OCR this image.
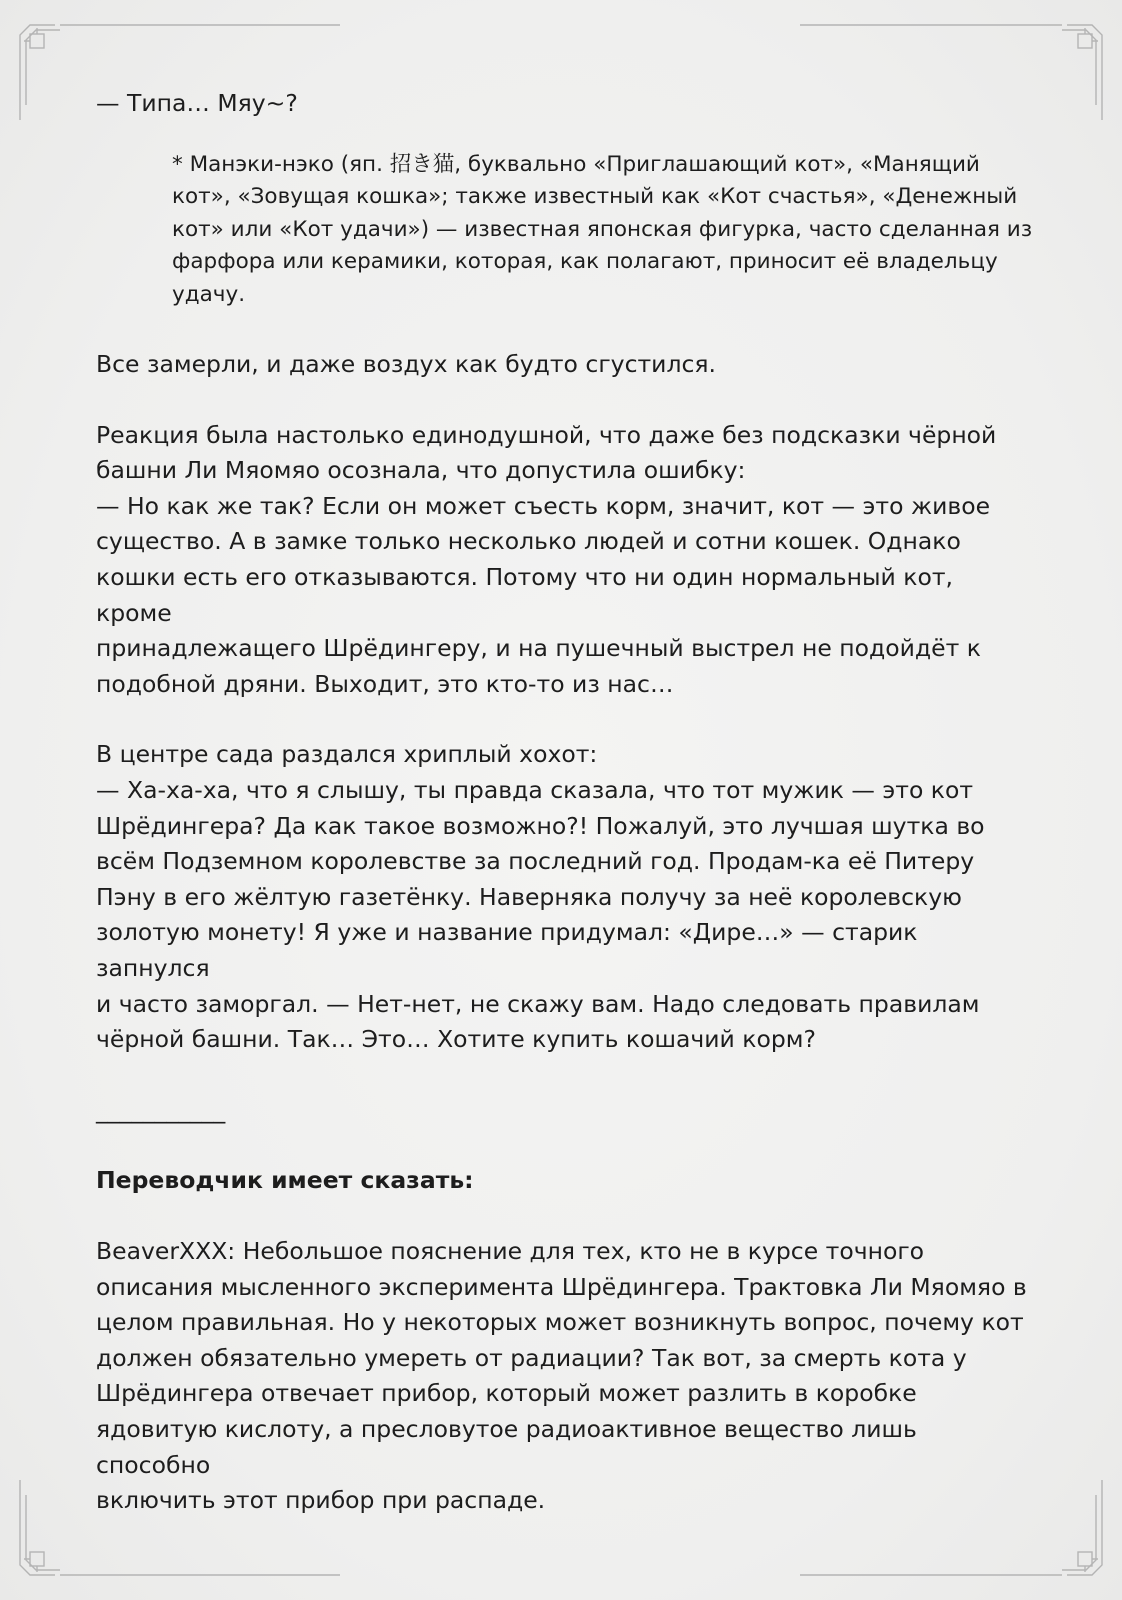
— Типа… Мяу~?

* Манэки-нэко (яп. 招き猫, буквально «Приглашающий кот», «Манящий
кот», «Зовущая кошка»; также известный как «Кот счастья», «Денежный
кот» или «Кот удачи») — известная японская фигурка, часто сделанная из
фарфора или керамики, которая, как полагают, приносит её владельцу
удачу.

Все замерли, и даже воздух как будто сгустился.

Реакция была настолько единодушной, что даже без подсказки чёрной
башни Ли Мяомяо осознала, что допустила ошибку:
— Но как же так? Если он может съесть корм, значит, кот — это живое
существо. А в замке только несколько людей и сотни кошек. Однако
кошки есть его отказываются. Потому что ни один нормальный кот, кроме
принадлежащего Шрёдингеру, и на пушечный выстрел не подойдёт к
подобной дряни. Выходит, это кто-то из нас…

В центре сада раздался хриплый хохот:
— Ха-ха-ха, что я слышу, ты правда сказала, что тот мужик — это кот
Шрёдингера? Да как такое возможно?! Пожалуй, это лучшая шутка во
всём Подземном королевстве за последний год. Продам-ка её Питеру
Пэну в его жёлтую газетёнку. Наверняка получу за неё королевскую
золотую монету! Я уже и название придумал: «Дире…» — старик запнулся
и часто заморгал. — Нет-нет, не скажу вам. Надо следовать правилам
чёрной башни. Так… Это… Хотите купить кошачий корм?

___________

Переводчик имеет сказать:

BeaverXXX: Небольшое пояснение для тех, кто не в курсе точного
описания мысленного эксперимента Шрёдингера. Трактовка Ли Мяомяо в
целом правильная. Но у некоторых может возникнуть вопрос, почему кот
должен обязательно умереть от радиации? Так вот, за смерть кота у
Шрёдингера отвечает прибор, который может разлить в коробке
ядовитую кислоту, а пресловутое радиоактивное вещество лишь способно
включить этот прибор при распаде.
